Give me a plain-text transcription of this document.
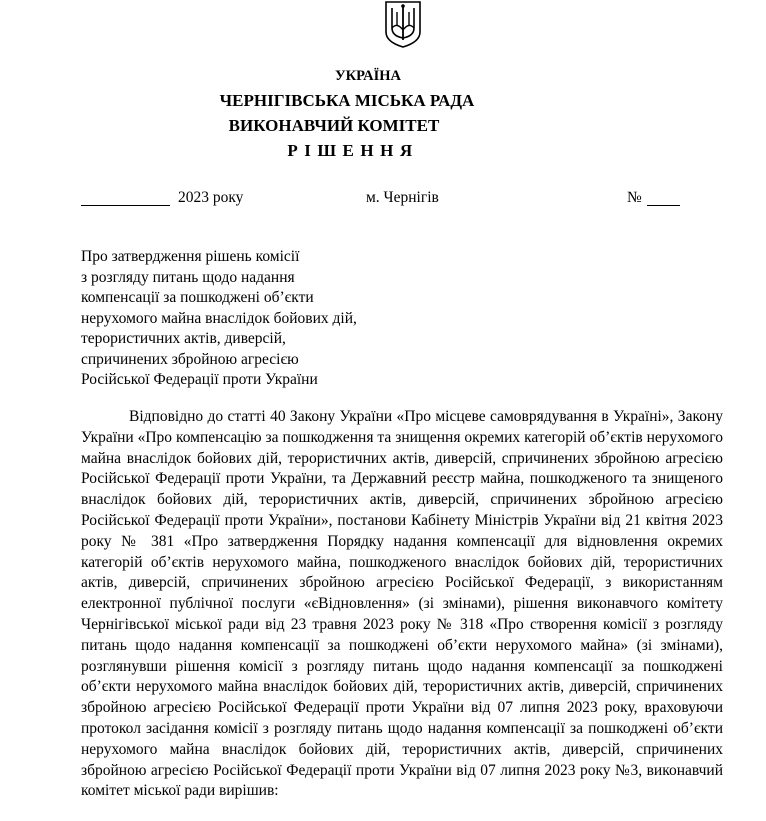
УКРАЇНА
ЧЕРНІГІВСЬКА МІСЬКА РАДА
ВИКОНАВЧИЙ КОМІТЕТ
РІШЕННЯ
2023 року	м. Чернігів	№
Про затвердження рішень комісії
з розгляду питань щодо надання
компенсації за пошкоджені об’єкти
нерухомого майна внаслідок бойових дій,
терористичних актів, диверсій,
спричинених збройною агресією
Російської Федерації проти України
Відповідно до статті 40 Закону України «Про місцеве самоврядування в Україні», Закону України «Про компенсацію за пошкодження та знищення окремих категорій об’єктів нерухомого майна внаслідок бойових дій, терористичних актів, диверсій, спричинених збройною агресією Російської Федерації проти України, та Державний реєстр майна, пошкодженого та знищеного внаслідок бойових дій, терористичних актів, диверсій, спричинених збройною агресією Російської Федерації проти України», постанови Кабінету Міністрів України від 21 квітня 2023 року № 381 «Про затвердження Порядку надання компенсації для відновлення окремих категорій об’єктів нерухомого майна, пошкодженого внаслідок бойових дій, терористичних актів, диверсій, спричинених збройною агресією Російської Федерації, з використанням електронної публічної послуги «єВідновлення» (зі змінами), рішення виконавчого комітету Чернігівської міської ради від 23 травня 2023 року № 318 «Про створення комісії з розгляду питань щодо надання компенсації за пошкоджені об’єкти нерухомого майна» (зі змінами), розглянувши рішення комісії з розгляду питань щодо надання компенсації за пошкоджені об’єкти нерухомого майна внаслідок бойових дій, терористичних актів, диверсій, спричинених збройною агресією Російської Федерації проти України від 07 липня 2023 року, враховуючи протокол засідання комісії з розгляду питань щодо надання компенсації за пошкоджені об’єкти нерухомого майна внаслідок бойових дій, терористичних актів, диверсій, спричинених збройною агресією Російської Федерації проти України від 07 липня 2023 року №3, виконавчий комітет міської ради вирішив:
